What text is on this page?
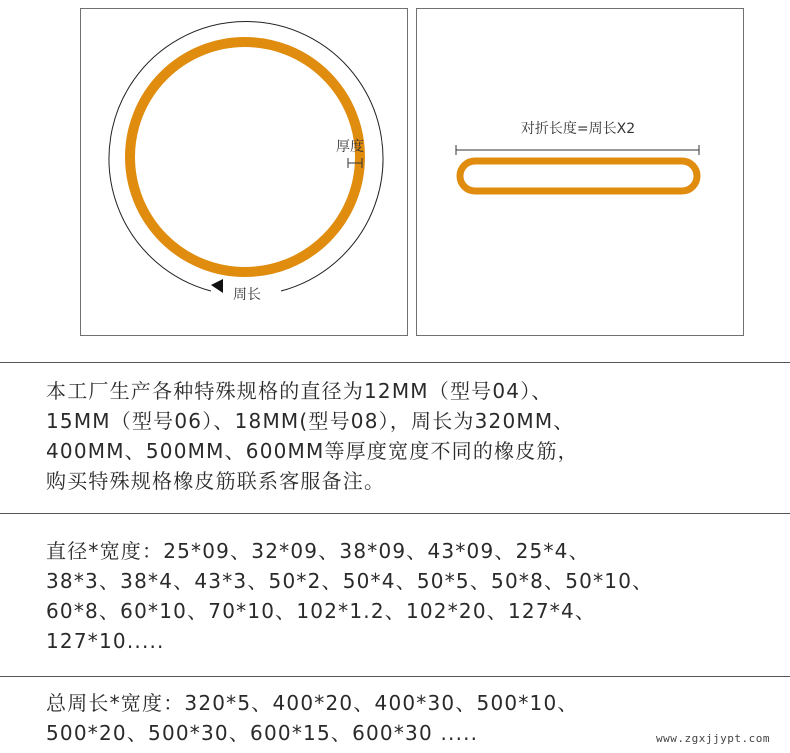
厚度
周长
对折长度=周长X2

本工厂生产各种特殊规格的直径为12MM（型号04）、
15MM（型号06）、18MM(型号08），周长为320MM、
400MM、500MM、600MM等厚度宽度不同的橡皮筋，
购买特殊规格橡皮筋联系客服备注。

直径*宽度：25*09、32*09、38*09、43*09、25*4、
38*3、38*4、43*3、50*2、50*4、50*5、50*8、50*10、
60*8、60*10、70*10、102*1.2、102*20、127*4、
127*10.....

总周长*宽度：320*5、400*20、400*30、500*10、
500*20、500*30、600*15、600*30 .....	www.zgxjjypt.com
